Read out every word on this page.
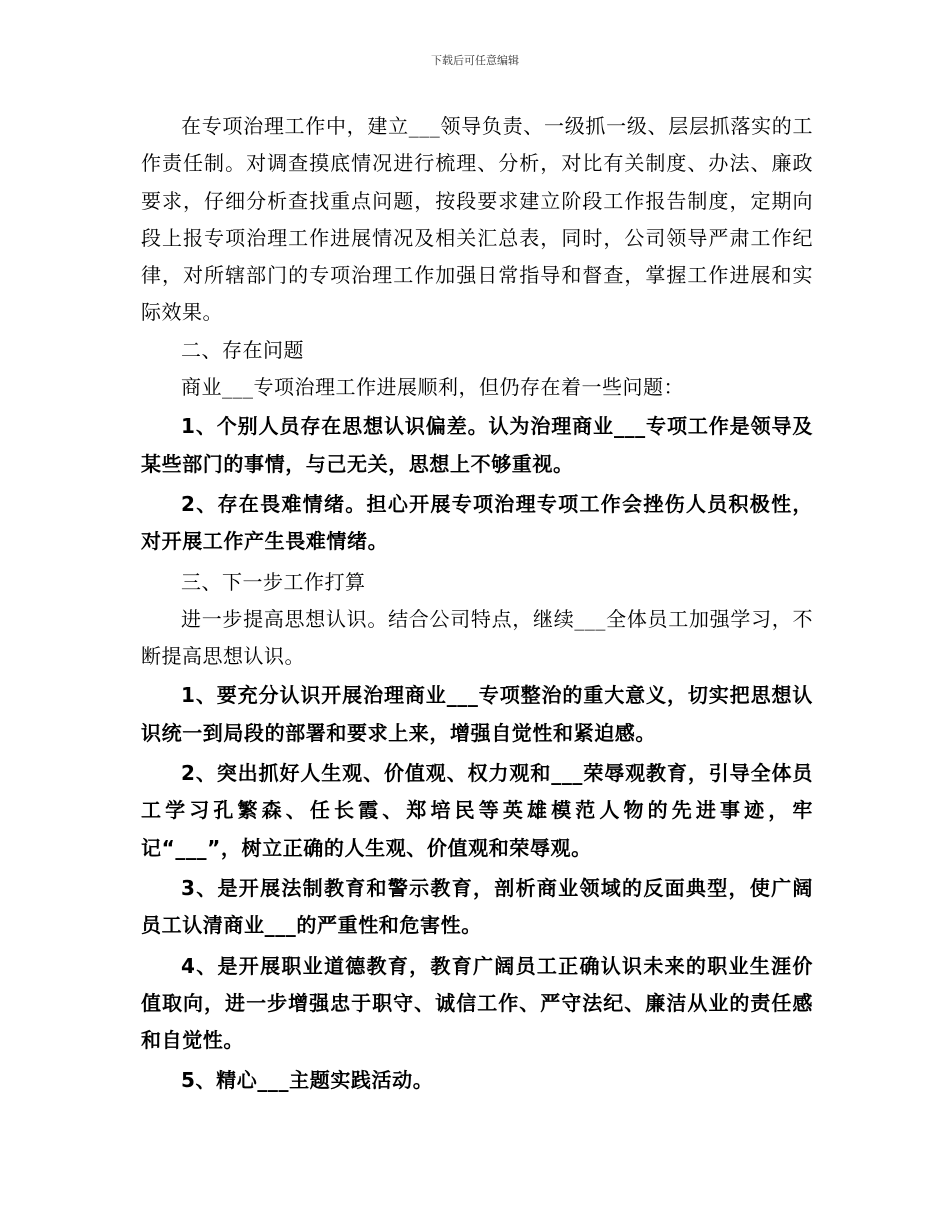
下载后可任意编辑

在专项治理工作中，建立___领导负责、一级抓一级、层层抓落实的工作责任制。对调查摸底情况进行梳理、分析，对比有关制度、办法、廉政要求，仔细分析查找重点问题，按段要求建立阶段工作报告制度，定期向段上报专项治理工作进展情况及相关汇总表，同时，公司领导严肃工作纪律，对所辖部门的专项治理工作加强日常指导和督查，掌握工作进展和实际效果。

二、存在问题

商业___专项治理工作进展顺利，但仍存在着一些问题：

1、个别人员存在思想认识偏差。认为治理商业___专项工作是领导及某些部门的事情，与己无关，思想上不够重视。

2、存在畏难情绪。担心开展专项治理专项工作会挫伤人员积极性，对开展工作产生畏难情绪。

三、下一步工作打算

进一步提高思想认识。结合公司特点，继续___全体员工加强学习，不断提高思想认识。

1、要充分认识开展治理商业___专项整治的重大意义，切实把思想认识统一到局段的部署和要求上来，增强自觉性和紧迫感。

2、突出抓好人生观、价值观、权力观和___荣辱观教育，引导全体员工学习孔繁森、任长霞、郑培民等英雄模范人物的先进事迹，牢记“___”，树立正确的人生观、价值观和荣辱观。

3、是开展法制教育和警示教育，剖析商业领域的反面典型，使广阔员工认清商业___的严重性和危害性。

4、是开展职业道德教育，教育广阔员工正确认识未来的职业生涯价值取向，进一步增强忠于职守、诚信工作、严守法纪、廉洁从业的责任感和自觉性。

5、精心___主题实践活动。
